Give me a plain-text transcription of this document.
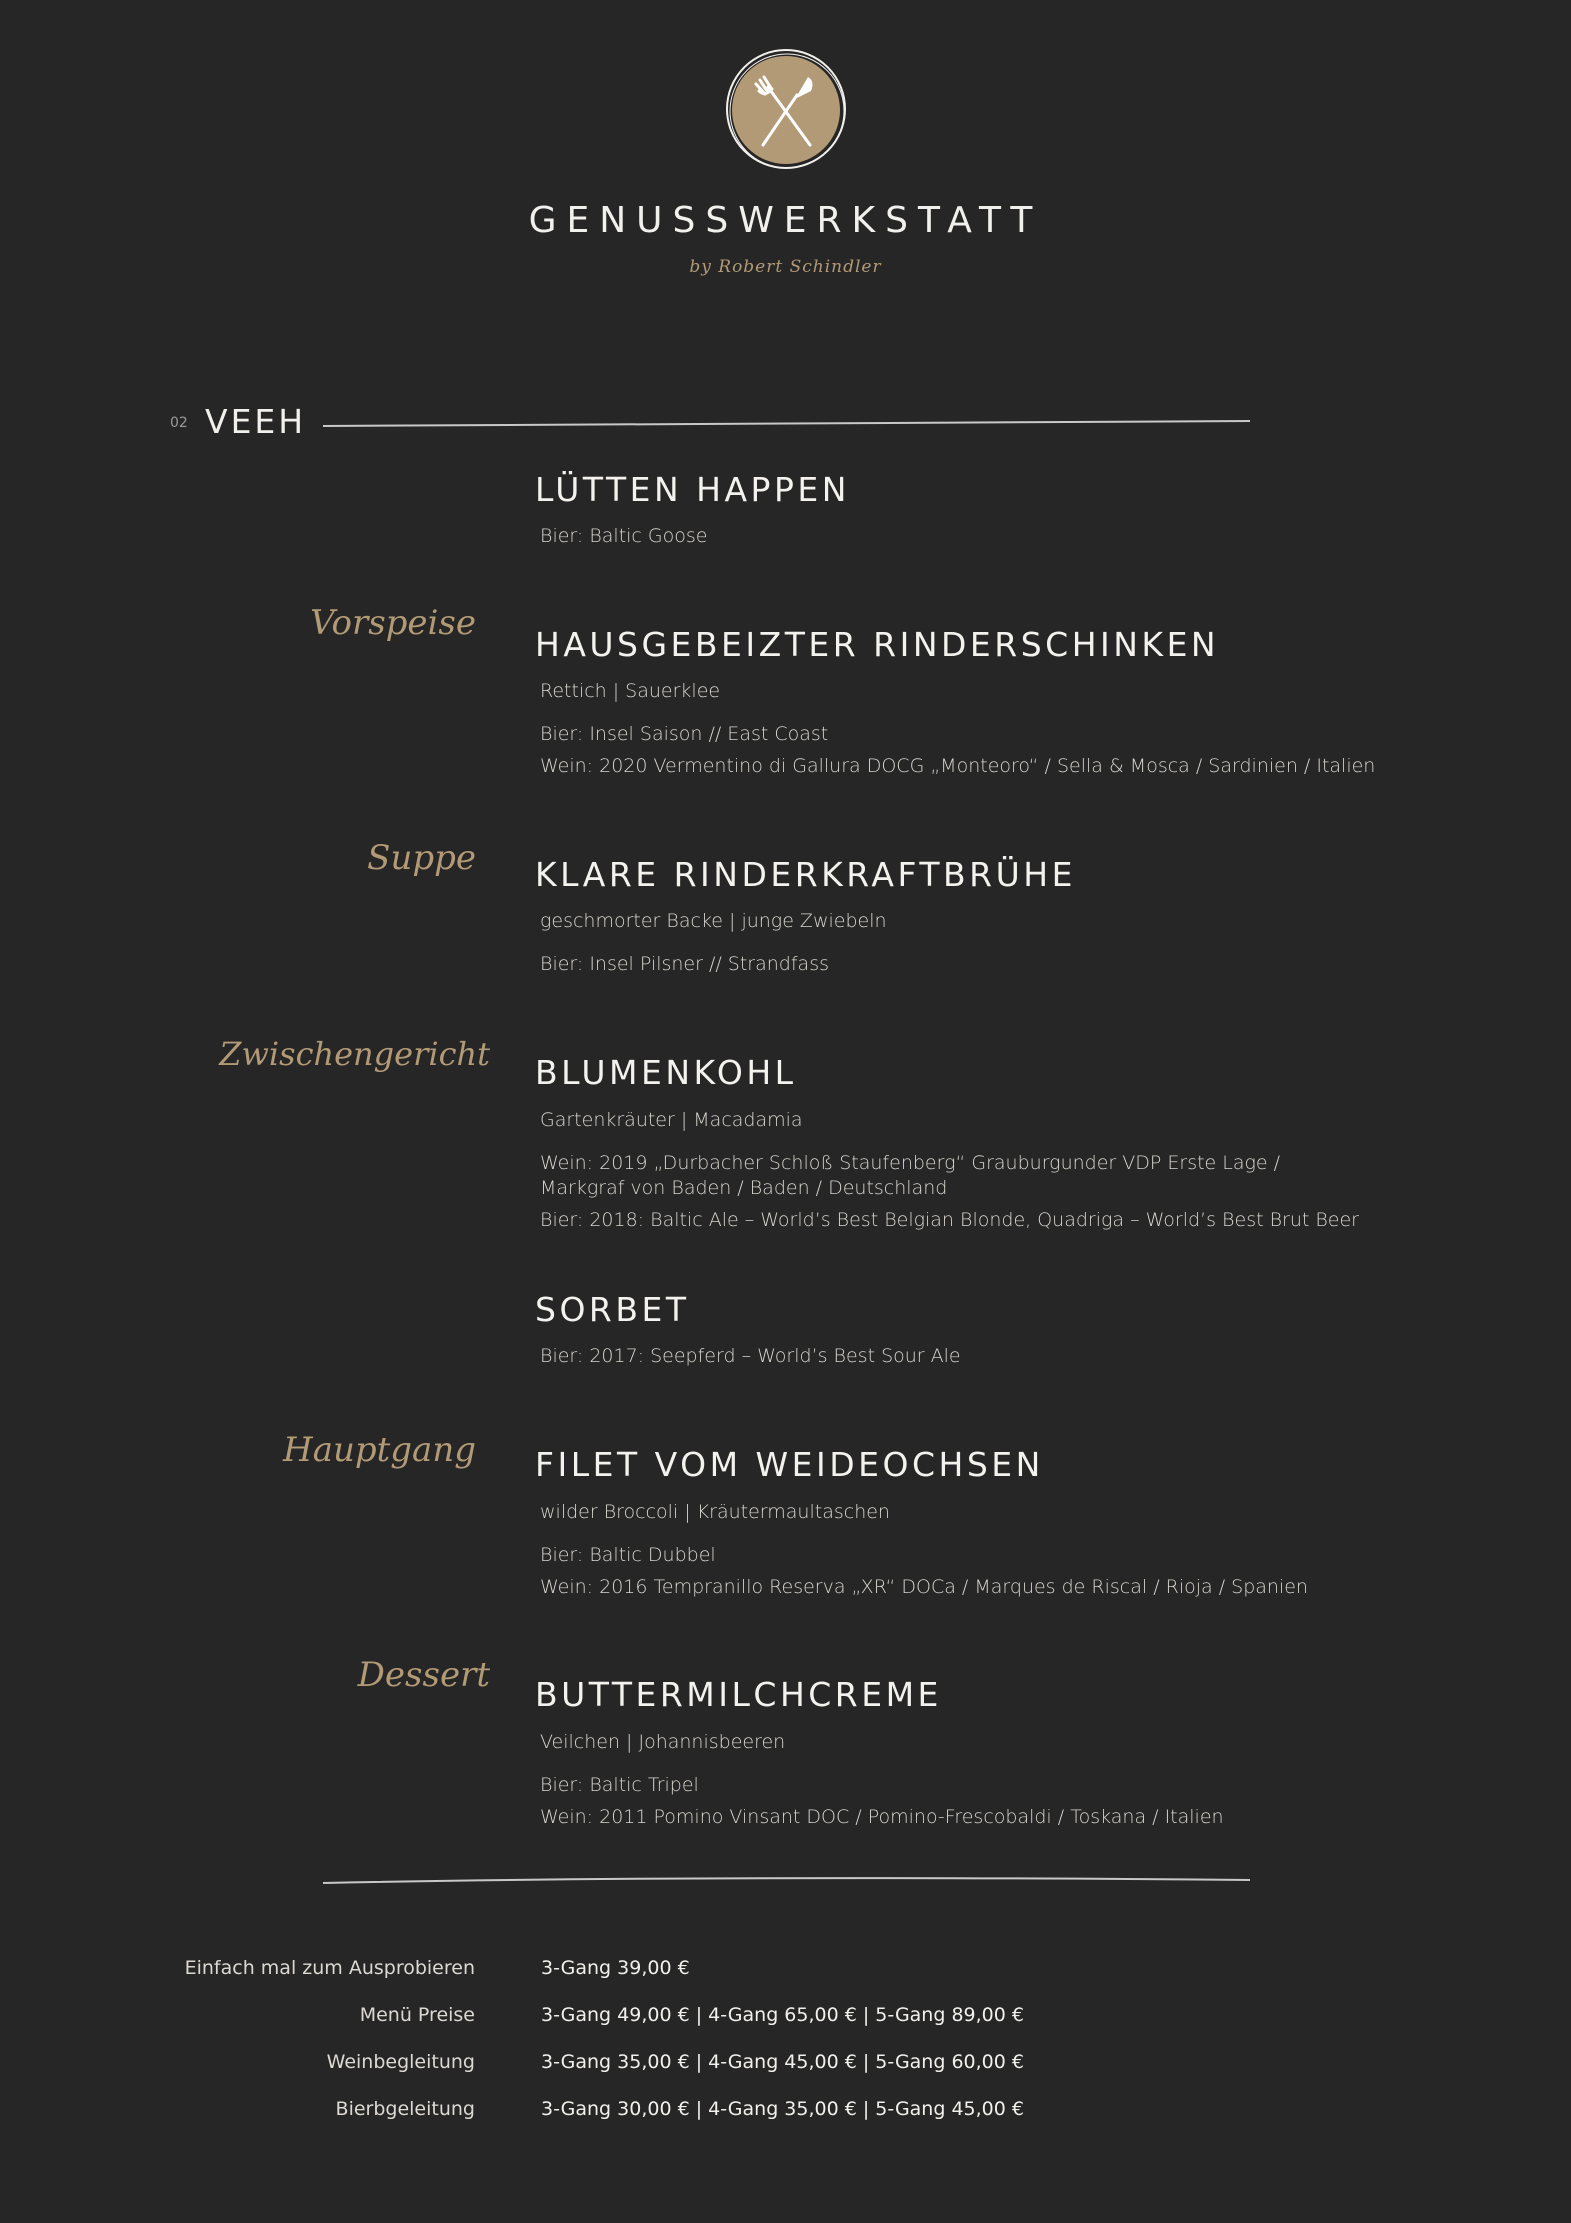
GENUSSWERKSTATT
by Robert Schindler
02 VEEH
LÜTTEN HAPPEN
Bier: Baltic Goose
Vorspeise
HAUSGEBEIZTER RINDERSCHINKEN
Rettich | Sauerklee
Bier: Insel Saison // East Coast
Wein: 2020 Vermentino di Gallura DOCG „Monteoro“ / Sella & Mosca / Sardinien / Italien
Suppe KLARE RINDERKRAFTBRÜHE
geschmorter Backe | junge Zwiebeln
Bier: Insel Pilsner // Strandfass
Zwischengericht BLUMENKOHL
Gartenkräuter | Macadamia
Wein: 2019 „Durbacher Schloß Staufenberg“ Grauburgunder VDP Erste Lage /
Markgraf von Baden / Baden / Deutschland
Bier: 2018: Baltic Ale – World’s Best Belgian Blonde, Quadriga – World’s Best Brut Beer
SORBET
Bier: 2017: Seepferd – World’s Best Sour Ale
Hauptgang FILET VOM WEIDEOCHSEN
wilder Broccoli | Kräutermaultaschen
Bier: Baltic Dubbel
Wein: 2016 Tempranillo Reserva „XR“ DOCa / Marques de Riscal / Rioja / Spanien
Dessert BUTTERMILCHCREME
Veilchen | Johannisbeeren
Bier: Baltic Tripel
Wein: 2011 Pomino Vinsant DOC / Pomino-Frescobaldi / Toskana / Italien
Einfach mal zum Ausprobieren	3-Gang 39,00 €
Menü Preise	3-Gang 49,00 € | 4-Gang 65,00 € | 5-Gang 89,00 €
Weinbegleitung	3-Gang 35,00 € | 4-Gang 45,00 € | 5-Gang 60,00 €
Bierbgeleitung	3-Gang 30,00 € | 4-Gang 35,00 € | 5-Gang 45,00 €
